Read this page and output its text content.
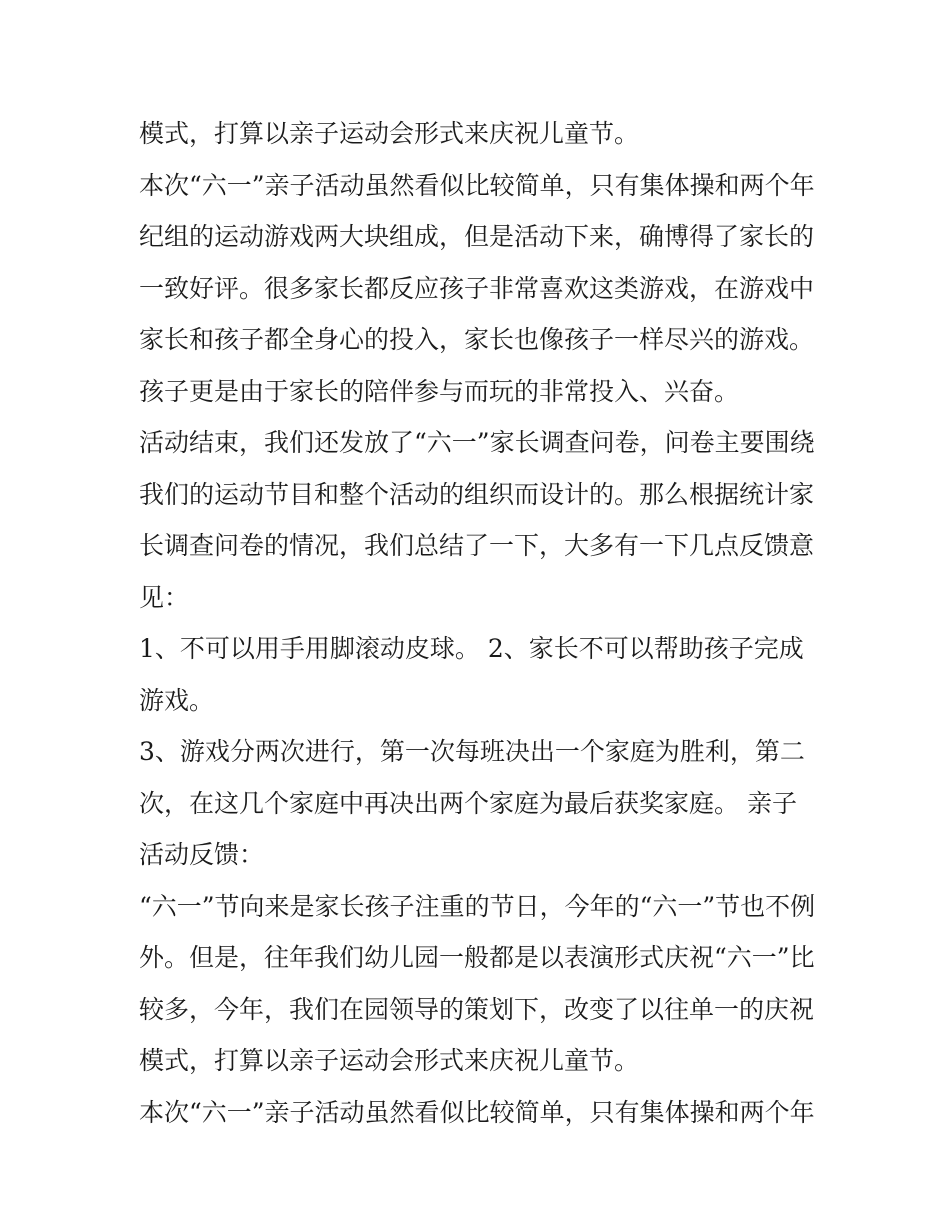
模式，打算以亲子运动会形式来庆祝儿童节。
本次“六一”亲子活动虽然看似比较简单，只有集体操和两个年
纪组的运动游戏两大块组成，但是活动下来，确博得了家长的
一致好评。很多家长都反应孩子非常喜欢这类游戏，在游戏中
家长和孩子都全身心的投入，家长也像孩子一样尽兴的游戏。
孩子更是由于家长的陪伴参与而玩的非常投入、兴奋。
活动结束，我们还发放了“六一”家长调查问卷，问卷主要围绕
我们的运动节目和整个活动的组织而设计的。那么根据统计家
长调查问卷的情况，我们总结了一下，大多有一下几点反馈意
见：
1、不可以用手用脚滚动皮球。 2、家长不可以帮助孩子完成
游戏。
3、游戏分两次进行，第一次每班决出一个家庭为胜利，第二
次，在这几个家庭中再决出两个家庭为最后获奖家庭。 亲子
活动反馈：
“六一”节向来是家长孩子注重的节日，今年的“六一”节也不例
外。但是，往年我们幼儿园一般都是以表演形式庆祝“六一”比
较多，今年，我们在园领导的策划下，改变了以往单一的庆祝
模式，打算以亲子运动会形式来庆祝儿童节。
本次“六一”亲子活动虽然看似比较简单，只有集体操和两个年
